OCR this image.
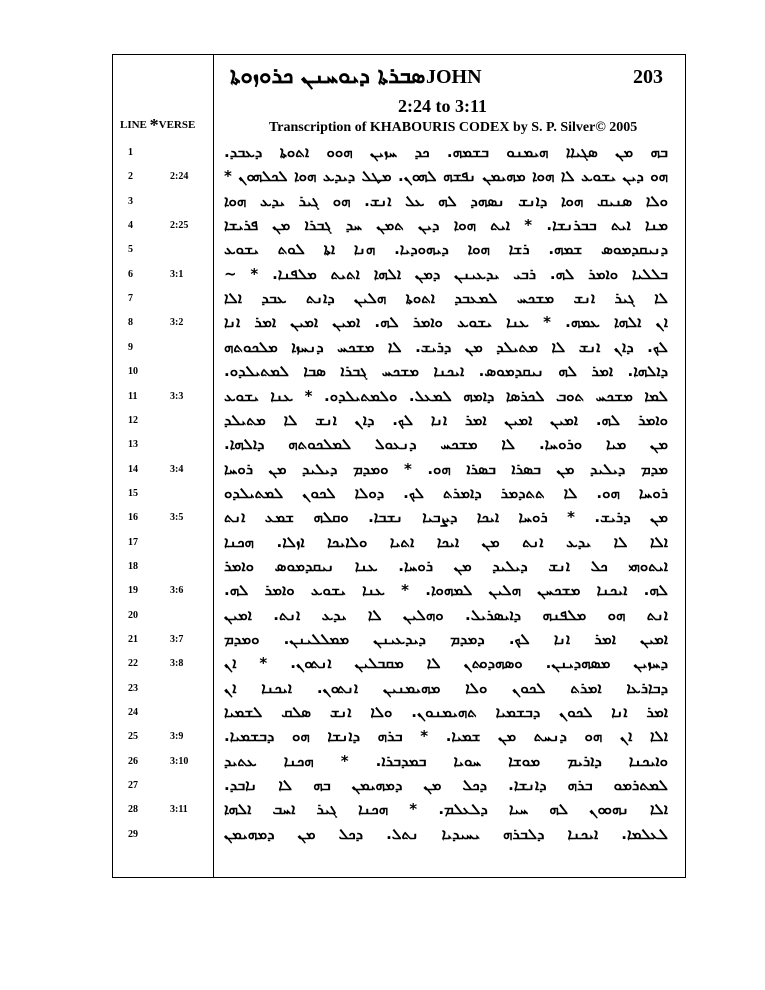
ܣܒܪܬܐ ܕܝܘܚܢܢ ܟܪܘܙܘܬܐ JOHN	203
2:24 to 3:11
Transcription of KHABOURIS CODEX by S. P. Silver© 2005
LINE *VERSE
1	ܒܗ ܡܢ ܣܓܝܐܐ ܗܝܡܢܘ ܒܫܡܗ. ܟܕ ܚܙܝܢ ܗܘܘ ܐܬܘܬܐ ܕܥܒܕ.
2	2:24 ܗܘ ܕܝܢ ܝܫܘܥ ܠܐ ܗܘܐ ܡܗܝܡܢ ܢܦܫܗ ܠܗܘܢ. ܡܛܠ ܕܝܕܥ ܗܘܐ ܠܟܠܗܘܢ *
3	ܘܠܐ ܣܢܝܩ ܗܘܐ ܕܐܢܫ ܢܣܗܕ ܠܗ ܥܠ ܐܢܫ. ܗܘ ܓܝܪ ܝܕܥ ܗܘܐ
4	2:25 ܡܢܐ ܐܝܬ ܒܒܪܢܫܐ. * ܐܝܬ ܗܘܐ ܕܝܢ ܬܡܢ ܚܕ ܓܒܪܐ ܡܢ ܦܪܝܫܐ
5	ܕܢܝܩܕܡܘܣ ܫܡܗ. ܪܫܐ ܗܘܐ ܕܝܗܘܕܝܐ. ܗܢܐ ܐܬܐ ܠܘܬ ܝܫܘܥ
6	3:1	ܒܠܠܝܐ ܘܐܡܪ ܠܗ. ܪܒܝ ܝܕܥܝܢܢ ܕܡܢ ܐܠܗܐ ܐܬܝܬ ܡܠܦܢܐ. * ~
7	ܠܐ ܓܝܪ ܐܢܫ ܡܫܟܚ ܠܡܥܒܕ ܐܬܘܬܐ ܗܠܝܢ ܕܐܢܬ ܥܒܕ ܐܠܐ
8	3:2	ܐܢ ܐܠܗܐ ܥܡܗ. * ܥܢܐ ܝܫܘܥ ܘܐܡܪ ܠܗ. ܐܡܝܢ ܐܡܝܢ ܐܡܪ ܐܢܐ
9	ܠܟ. ܕܐܢ ܐܢܫ ܠܐ ܡܬܝܠܕ ܡܢ ܕܪܝܫ. ܠܐ ܡܫܟܚ ܕܢܚܙܐ ܡܠܟܘܬܗ
10	ܕܐܠܗܐ. ܐܡܪ ܠܗ ܢܝܩܕܡܘܣ. ܐܝܟܢܐ ܡܫܟܚ ܓܒܪܐ ܣܒܐ ܠܡܬܝܠܕܘ.
11	3:3	ܠܡܐ ܡܫܟܚ ܬܘܒ ܠܟܪܣܐ ܕܐܡܗ ܠܡܥܠ. ܘܠܡܬܝܠܕܘ. * ܥܢܐ ܝܫܘܥ
12	ܘܐܡܪ ܠܗ. ܐܡܝܢ ܐܡܝܢ ܐܡܪ ܐܢܐ ܠܟ. ܕܐܢ ܐܢܫ ܠܐ ܡܬܝܠܕ
13	ܡܢ ܡܝܐ ܘܪܘܚܐ. ܠܐ ܡܫܟܚ ܕܢܥܘܠ ܠܡܠܟܘܬܗ ܕܐܠܗܐ.
14	3:4	ܡܕܡ ܕܝܠܝܕ ܡܢ ܒܣܪܐ ܒܣܪܐ ܗܘ. * ܘܡܕܡ ܕܝܠܝܕ ܡܢ ܪܘܚܐ
15	ܪܘܚܐ ܗܘ. ܠܐ ܬܬܕܡܪ ܕܐܡܪܬ ܠܟ. ܕܘܠܐ ܠܟܘܢ ܠܡܬܝܠܕܘ
16	3:5	ܡܢ ܕܪܝܫ. * ܪܘܚܐ ܐܝܟܐ ܕܨܒܝܐ ܢܫܒܐ. ܘܩܠܗ ܫܡܥ ܐܢܬ
17	ܐܠܐ ܠܐ ܝܕܥ ܐܢܬ ܡܢ ܐܝܟܐ ܐܬܝܐ ܘܠܐܝܟܐ ܐܙܠܐ. ܗܟܢܐ
18	ܐܝܬܘܗܝ ܟܠ ܐܢܫ ܕܝܠܝܕ ܡܢ ܪܘܚܐ. ܥܢܐ ܢܝܩܕܡܘܣ ܘܐܡܪ
19	3:6	ܠܗ. ܐܝܟܢܐ ܡܫܟܚܢ ܗܠܝܢ ܠܡܗܘܐ. * ܥܢܐ ܝܫܘܥ ܘܐܡܪ ܠܗ.
20	ܐܢܬ ܗܘ ܡܠܦܢܗ ܕܐܝܣܪܝܠ. ܘܗܠܝܢ ܠܐ ܝܕܥ ܐܢܬ. ܐܡܝܢ
21	3:7	ܐܡܝܢ ܐܡܪ ܐܢܐ ܠܟ. ܕܡܕܡ ܕܝܕܥܝܢܢ ܡܡܠܠܝܢܢ. ܘܡܕܡ
22	3:8	ܕܚܙܝܢ ܡܣܗܕܝܢܢ. ܘܣܗܕܘܬܢ ܠܐ ܡܩܒܠܝܢ ܐܢܬܘܢ. * ܐܢ
23	ܕܒܐܪܥܐ ܐܡܪܬ ܠܟܘܢ ܘܠܐ ܡܗܝܡܢܝܢ ܐܢܬܘܢ. ܐܝܟܢܐ ܐܢ
24	ܐܡܪ ܐܢܐ ܠܟܘܢ ܕܒܫܡܝܐ ܬܗܝܡܢܘܢ. ܘܠܐ ܐܢܫ ܣܠܩ ܠܫܡܝܐ
25	3:9	ܐܠܐ ܐܢ ܗܘ ܕܢܚܬ ܡܢ ܫܡܝܐ. * ܒܪܗ ܕܐܢܫܐ ܗܘ ܕܒܫܡܝܐ.
26	3:10 ܘܐܝܟܢܐ ܕܐܪܝܡ ܡܘܫܐ ܚܘܝܐ ܒܡܕܒܪܐ. * ܗܟܢܐ ܥܬܝܕ
27	ܠܡܬܪܡܘ ܒܪܗ ܕܐܢܫܐ. ܕܟܠ ܡܢ ܕܡܗܝܡܢ ܒܗ ܠܐ ܢܐܒܕ.
28	3:11 ܐܠܐ ܢܗܘܘܢ ܠܗ ܚܝܐ ܕܠܥܠܡ. * ܗܟܢܐ ܓܝܪ ܐܚܒ ܐܠܗܐ
29	ܠܥܠܡܐ. ܐܝܟܢܐ ܕܠܒܪܗ ܝܚܝܕܝܐ ܢܬܠ. ܕܟܠ ܡܢ ܕܡܗܝܡܢ
